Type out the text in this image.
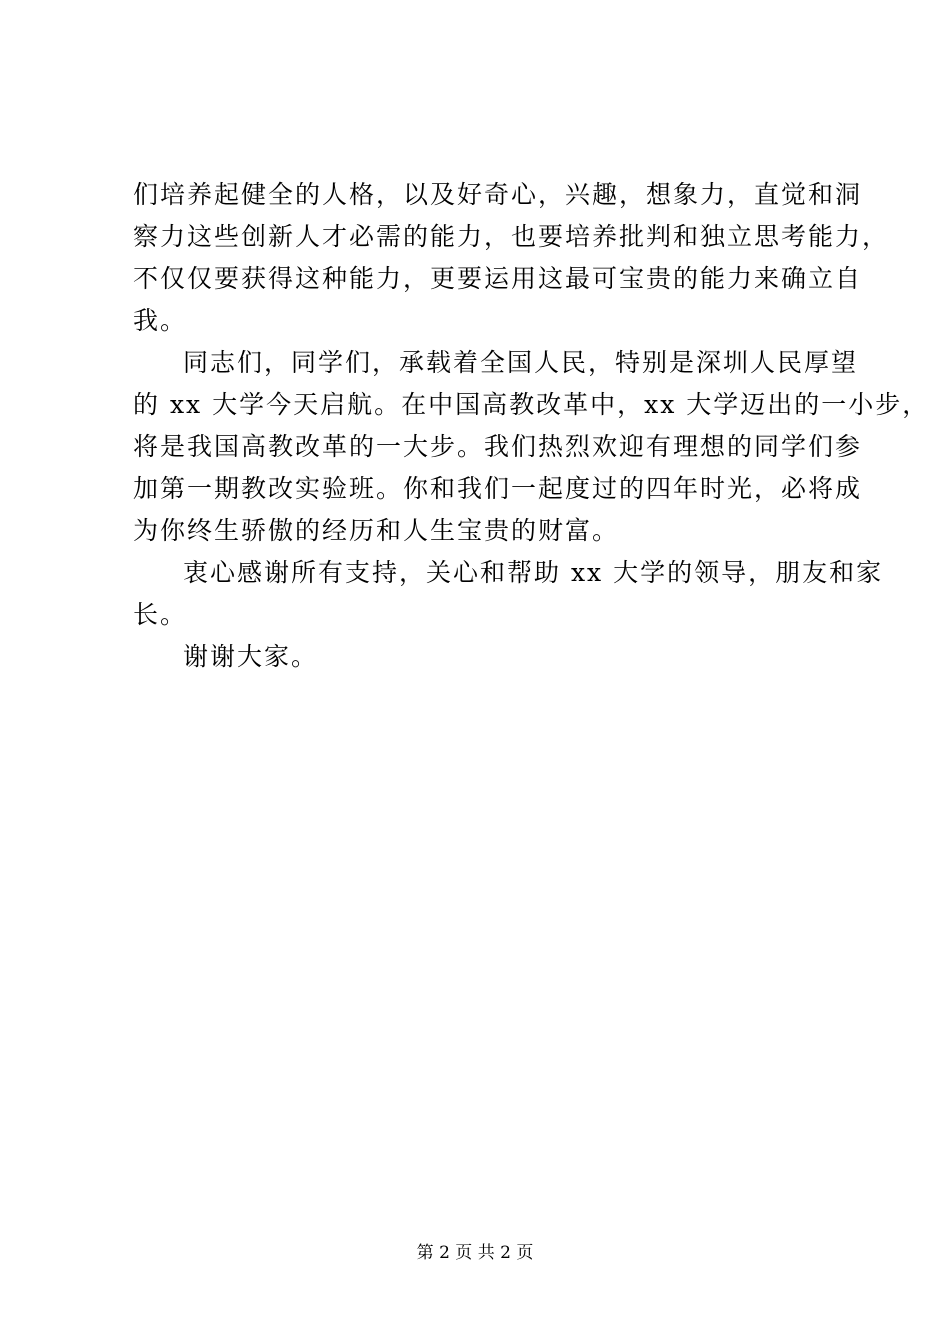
们培养起健全的人格，以及好奇心，兴趣，想象力，直觉和洞
察力这些创新人才必需的能力，也要培养批判和独立思考能力，
不仅仅要获得这种能力，更要运用这最可宝贵的能力来确立自
我。
同志们，同学们，承载着全国人民，特别是深圳人民厚望
的 xx 大学今天启航。在中国高教改革中，xx 大学迈出的一小步，
将是我国高教改革的一大步。我们热烈欢迎有理想的同学们参
加第一期教改实验班。你和我们一起度过的四年时光，必将成
为你终生骄傲的经历和人生宝贵的财富。
衷心感谢所有支持，关心和帮助 xx 大学的领导，朋友和家
长。
谢谢大家。
第 2 页 共 2 页
